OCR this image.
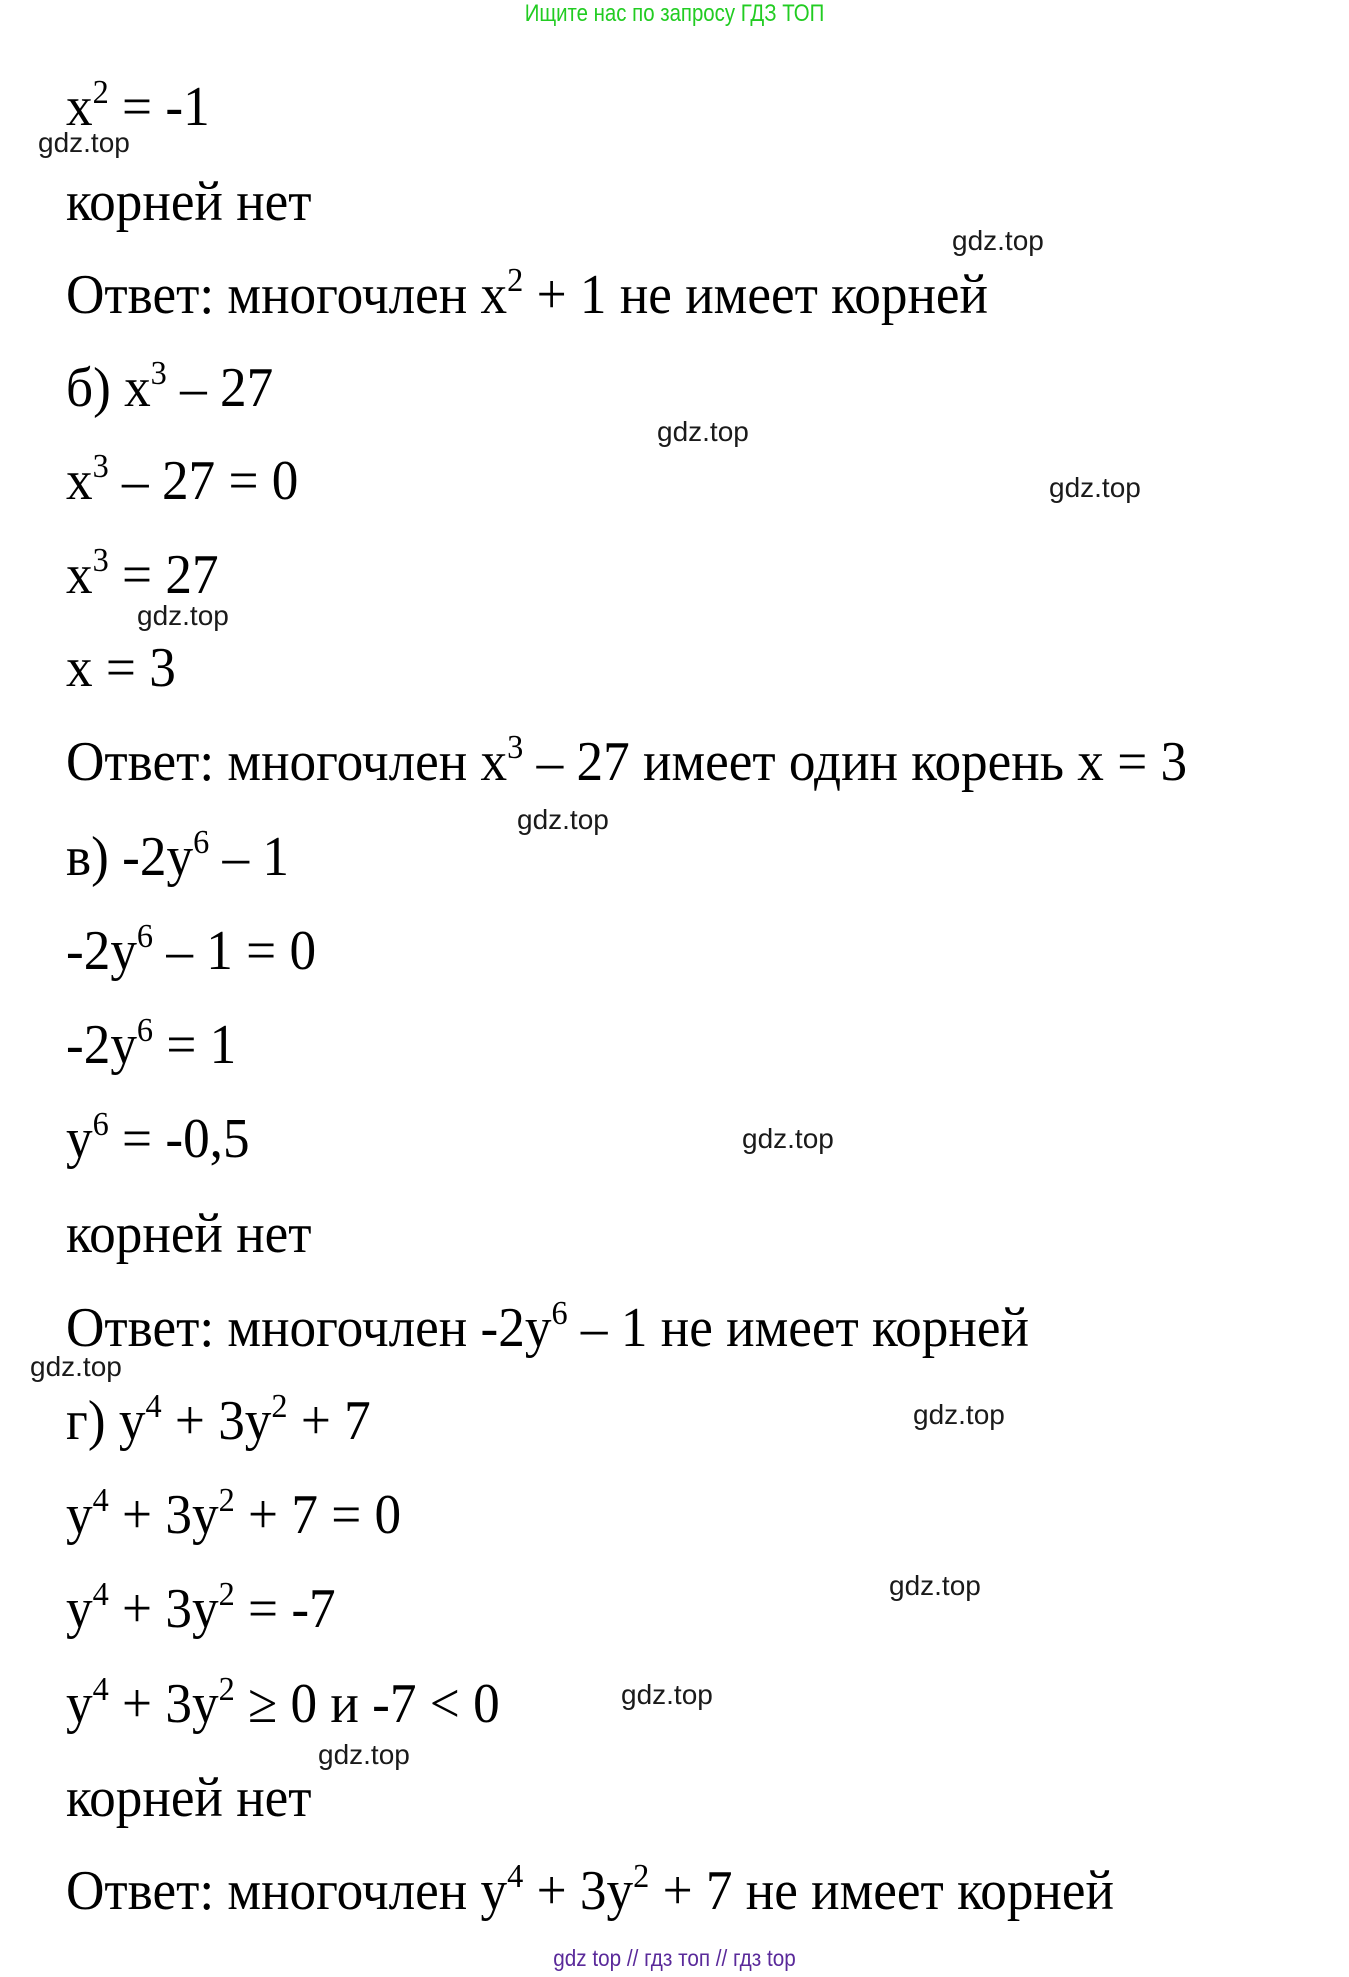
Ищите нас по запросу ГДЗ ТОП
$x^2 = -1$
корней нет
Ответ: многочлен $x^2 + 1$ не имеет корней
б) $x^3 - 27$
$x^3 - 27 = 0$
$x^3 = 27$
x = 3
Ответ: многочлен $x^3 - 27$ имеет один корень x = 3
в) $-2y^6 - 1$
$-2y^6 - 1 = 0$
$-2y^6 = 1$
$y^6 = -0,5$
корней нет
Ответ: многочлен $-2y^6 - 1$ не имеет корней
г) $y^4 + 3y^2 + 7$
$y^4 + 3y^2 + 7 = 0$
$y^4 + 3y^2 = -7$
$y^4 + 3y^2 \ge 0$ и -7 < 0
корней нет
Ответ: многочлен $y^4 + 3y^2 + 7$ не имеет корней
gdz.top
gdz.top
gdz.top
gdz.top
gdz.top
gdz.top
gdz.top
gdz.top
gdz.top
gdz.top
gdz.top
gdz.top
gdz top // гдз топ // гдз top
